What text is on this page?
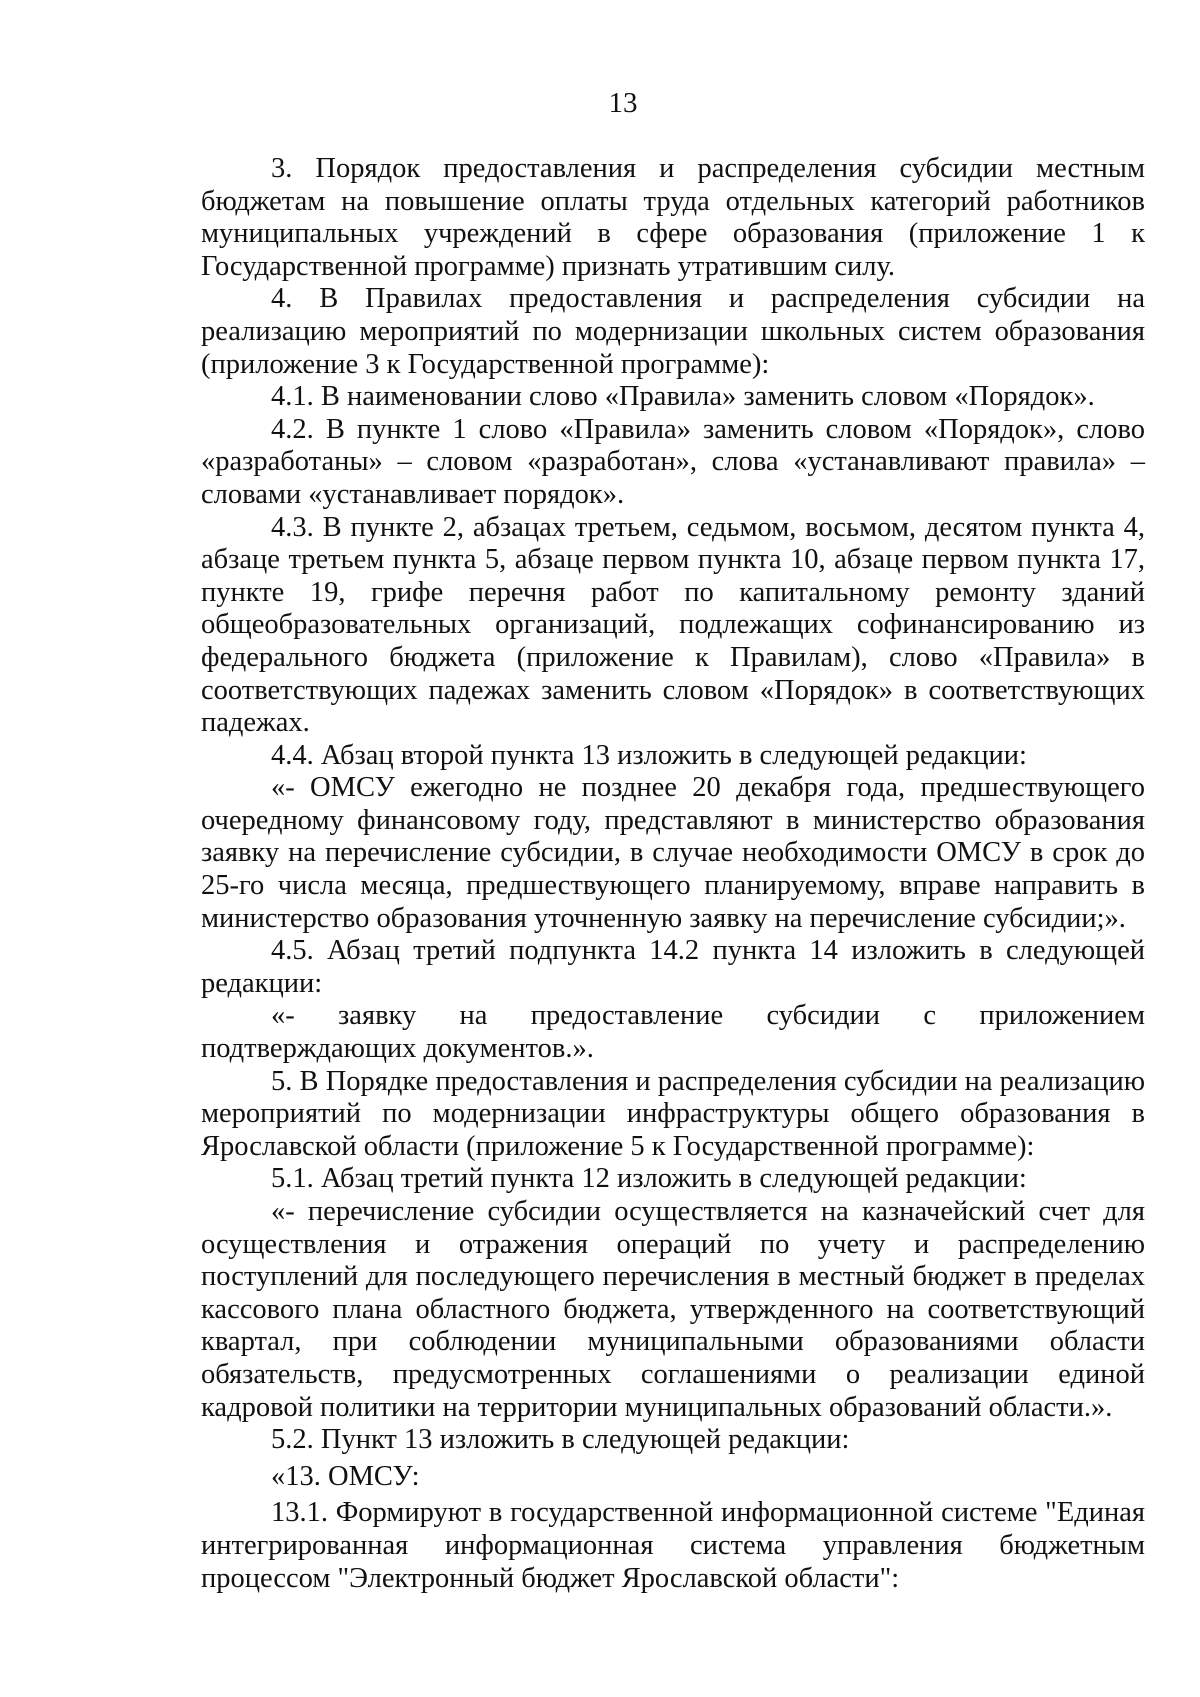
13

3. Порядок предоставления и распределения субсидии местным бюджетам на повышение оплаты труда отдельных категорий работников муниципальных учреждений в сфере образования (приложение 1 к Государственной программе) признать утратившим силу.

4. В Правилах предоставления и распределения субсидии на реализацию мероприятий по модернизации школьных систем образования (приложение 3 к Государственной программе):

4.1. В наименовании слово «Правила» заменить словом «Порядок».

4.2. В пункте 1 слово «Правила» заменить словом «Порядок», слово «разработаны» – словом «разработан», слова «устанавливают правила» – словами «устанавливает порядок».

4.3. В пункте 2, абзацах третьем, седьмом, восьмом, десятом пункта 4, абзаце третьем пункта 5, абзаце первом пункта 10, абзаце первом пункта 17, пункте 19, грифе перечня работ по капитальному ремонту зданий общеобразовательных организаций, подлежащих софинансированию из федерального бюджета (приложение к Правилам), слово «Правила» в соответствующих падежах заменить словом «Порядок» в соответствующих падежах.

4.4. Абзац второй пункта 13 изложить в следующей редакции:

«- ОМСУ ежегодно не позднее 20 декабря года, предшествующего очередному финансовому году, представляют в министерство образования заявку на перечисление субсидии, в случае необходимости ОМСУ в срок до 25-го числа месяца, предшествующего планируемому, вправе направить в министерство образования уточненную заявку на перечисление субсидии;».

4.5. Абзац третий подпункта 14.2 пункта 14 изложить в следующей редакции:

«- заявку на предоставление субсидии с приложением подтверждающих документов.».

5. В Порядке предоставления и распределения субсидии на реализацию мероприятий по модернизации инфраструктуры общего образования в Ярославской области (приложение 5 к Государственной программе):

5.1. Абзац третий пункта 12 изложить в следующей редакции:

«- перечисление субсидии осуществляется на казначейский счет для осуществления и отражения операций по учету и распределению поступлений для последующего перечисления в местный бюджет в пределах кассового плана областного бюджета, утвержденного на соответствующий квартал, при соблюдении муниципальными образованиями области обязательств, предусмотренных соглашениями о реализации единой кадровой политики на территории муниципальных образований области.».

5.2. Пункт 13 изложить в следующей редакции:

«13. ОМСУ:

13.1. Формируют в государственной информационной системе "Единая интегрированная информационная система управления бюджетным процессом "Электронный бюджет Ярославской области":
